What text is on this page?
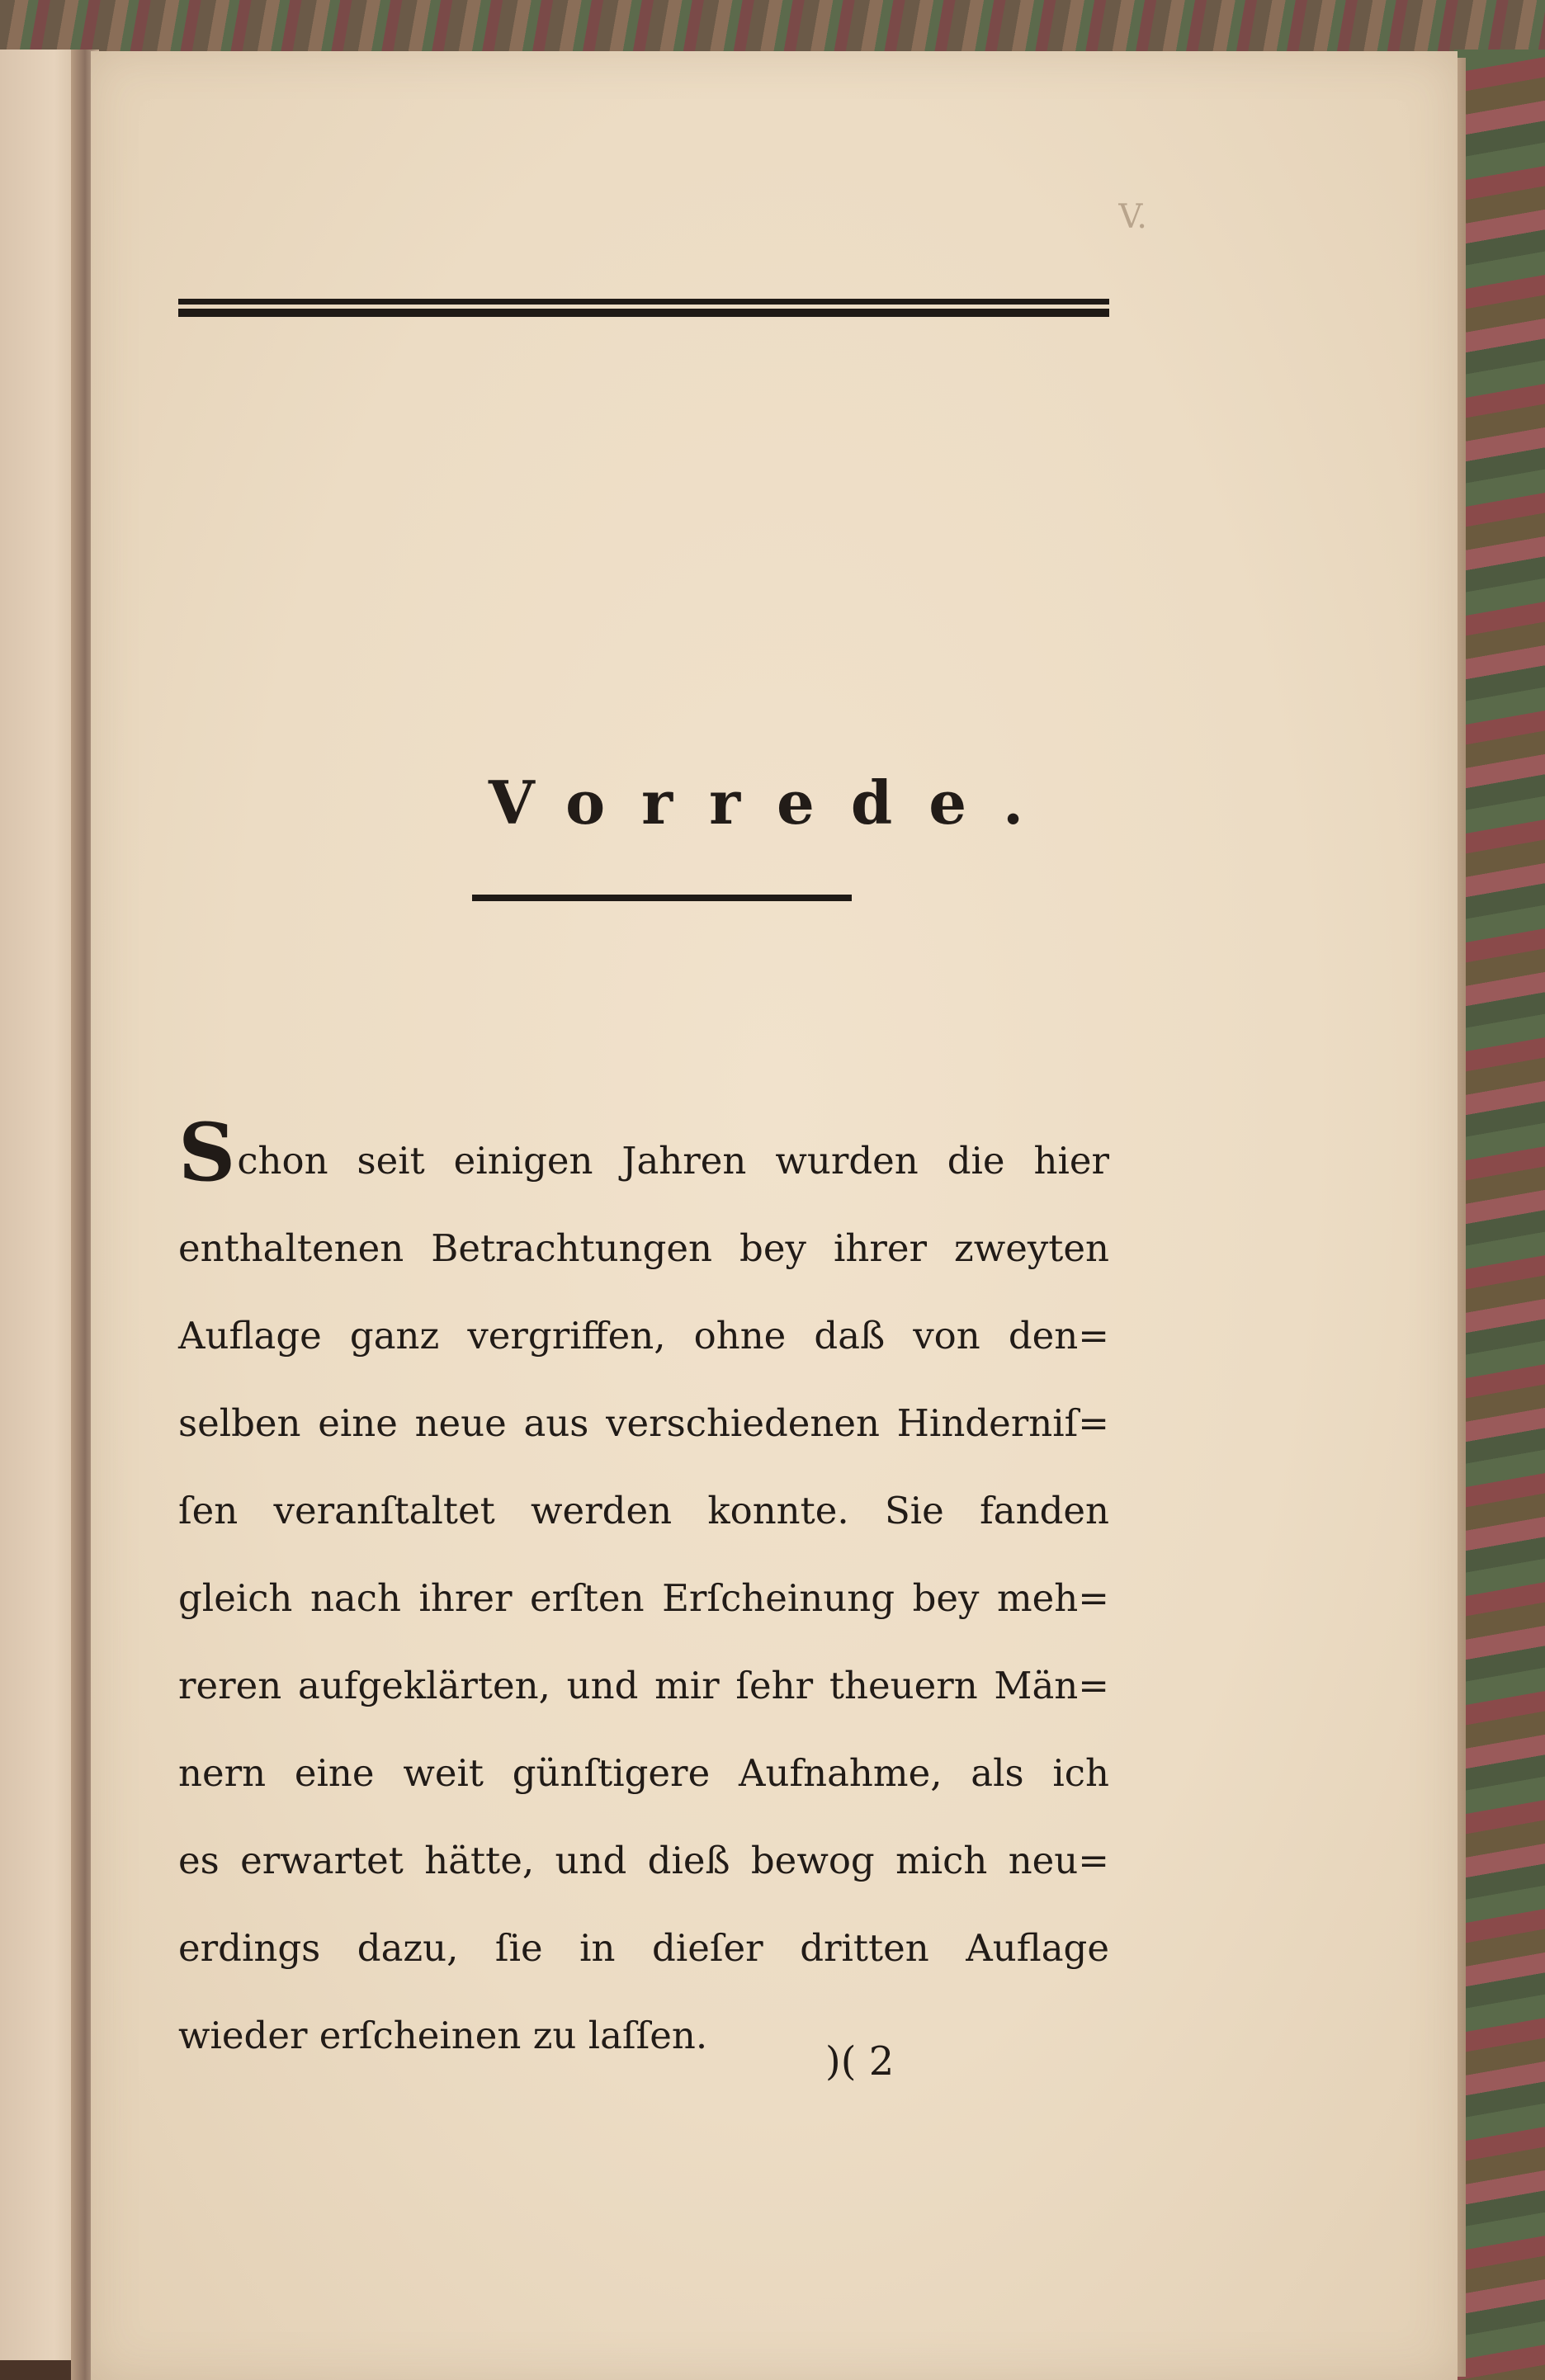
V.
Vorrede.
Schon seit einigen Jahren wurden die hier
enthaltenen Betrachtungen bey ihrer zweyten
Auflage ganz vergriffen, ohne daß von den=
selben eine neue aus verschiedenen Hinderniſ=
ſen veranſtaltet werden konnte. Sie fanden
gleich nach ihrer erſten Erſcheinung bey meh=
reren aufgeklärten, und mir ſehr theuern Män=
nern eine weit günſtigere Aufnahme, als ich
es erwartet hätte, und dieß bewog mich neu=
erdings dazu, ſie in dieſer dritten Auflage
wieder erſcheinen zu laſſen.
)( 2
